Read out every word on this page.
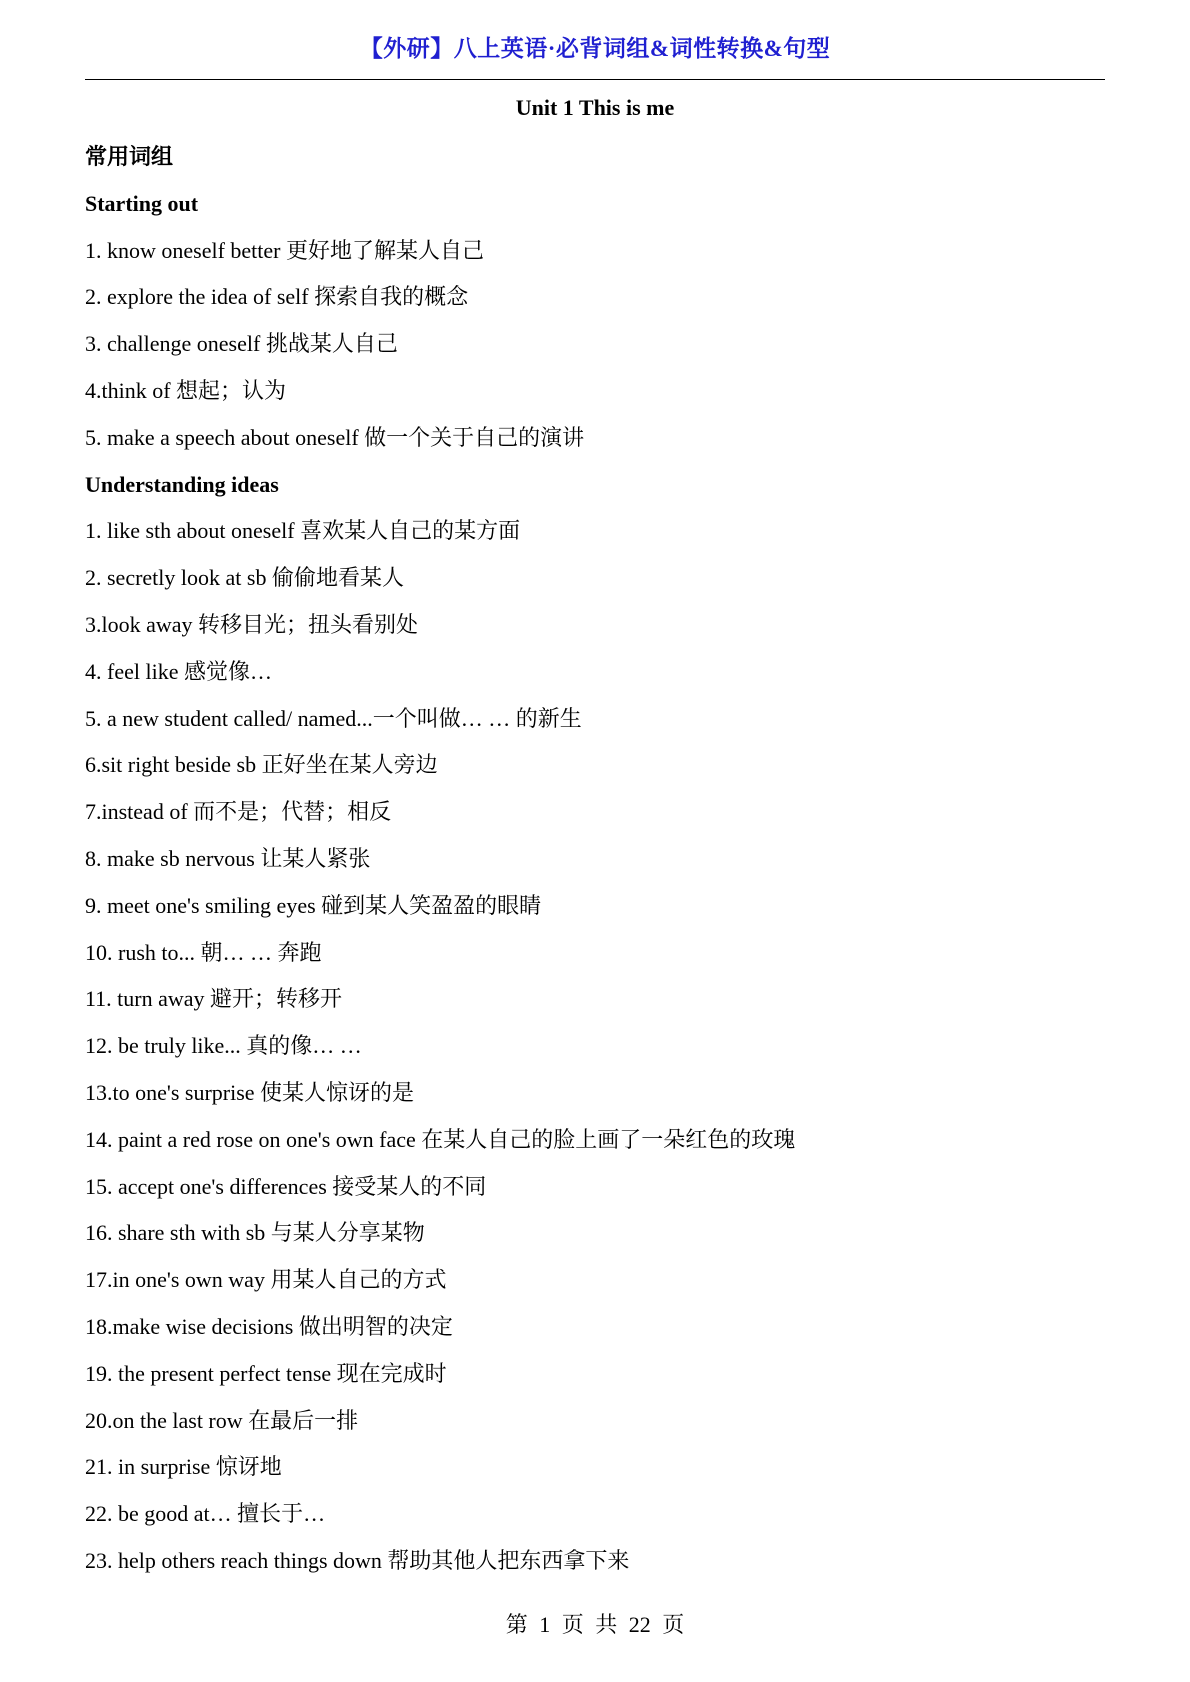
【外研】八上英语·必背词组&词性转换&句型
Unit 1 This is me
常用词组
Starting out
1. know oneself better 更好地了解某人自己
2. explore the idea of self 探索自我的概念
3. challenge oneself 挑战某人自己
4.think of 想起；认为
5. make a speech about oneself 做一个关于自己的演讲
Understanding ideas
1. like sth about oneself 喜欢某人自己的某方面
2. secretly look at sb 偷偷地看某人
3.look away 转移目光；扭头看别处
4. feel like 感觉像…
5. a new student called/ named...一个叫做… … 的新生
6.sit right beside sb 正好坐在某人旁边
7.instead of 而不是；代替；相反
8. make sb nervous 让某人紧张
9. meet one's smiling eyes 碰到某人笑盈盈的眼睛
10. rush to... 朝… … 奔跑
11. turn away 避开；转移开
12. be truly like... 真的像… …
13.to one's surprise 使某人惊讶的是
14. paint a red rose on one's own face 在某人自己的脸上画了一朵红色的玫瑰
15. accept one's differences 接受某人的不同
16. share sth with sb 与某人分享某物
17.in one's own way 用某人自己的方式
18.make wise decisions 做出明智的决定
19. the present perfect tense 现在完成时
20.on the last row 在最后一排
21. in surprise 惊讶地
22. be good at… 擅长于…
23. help others reach things down 帮助其他人把东西拿下来
第 1 页 共 22 页
